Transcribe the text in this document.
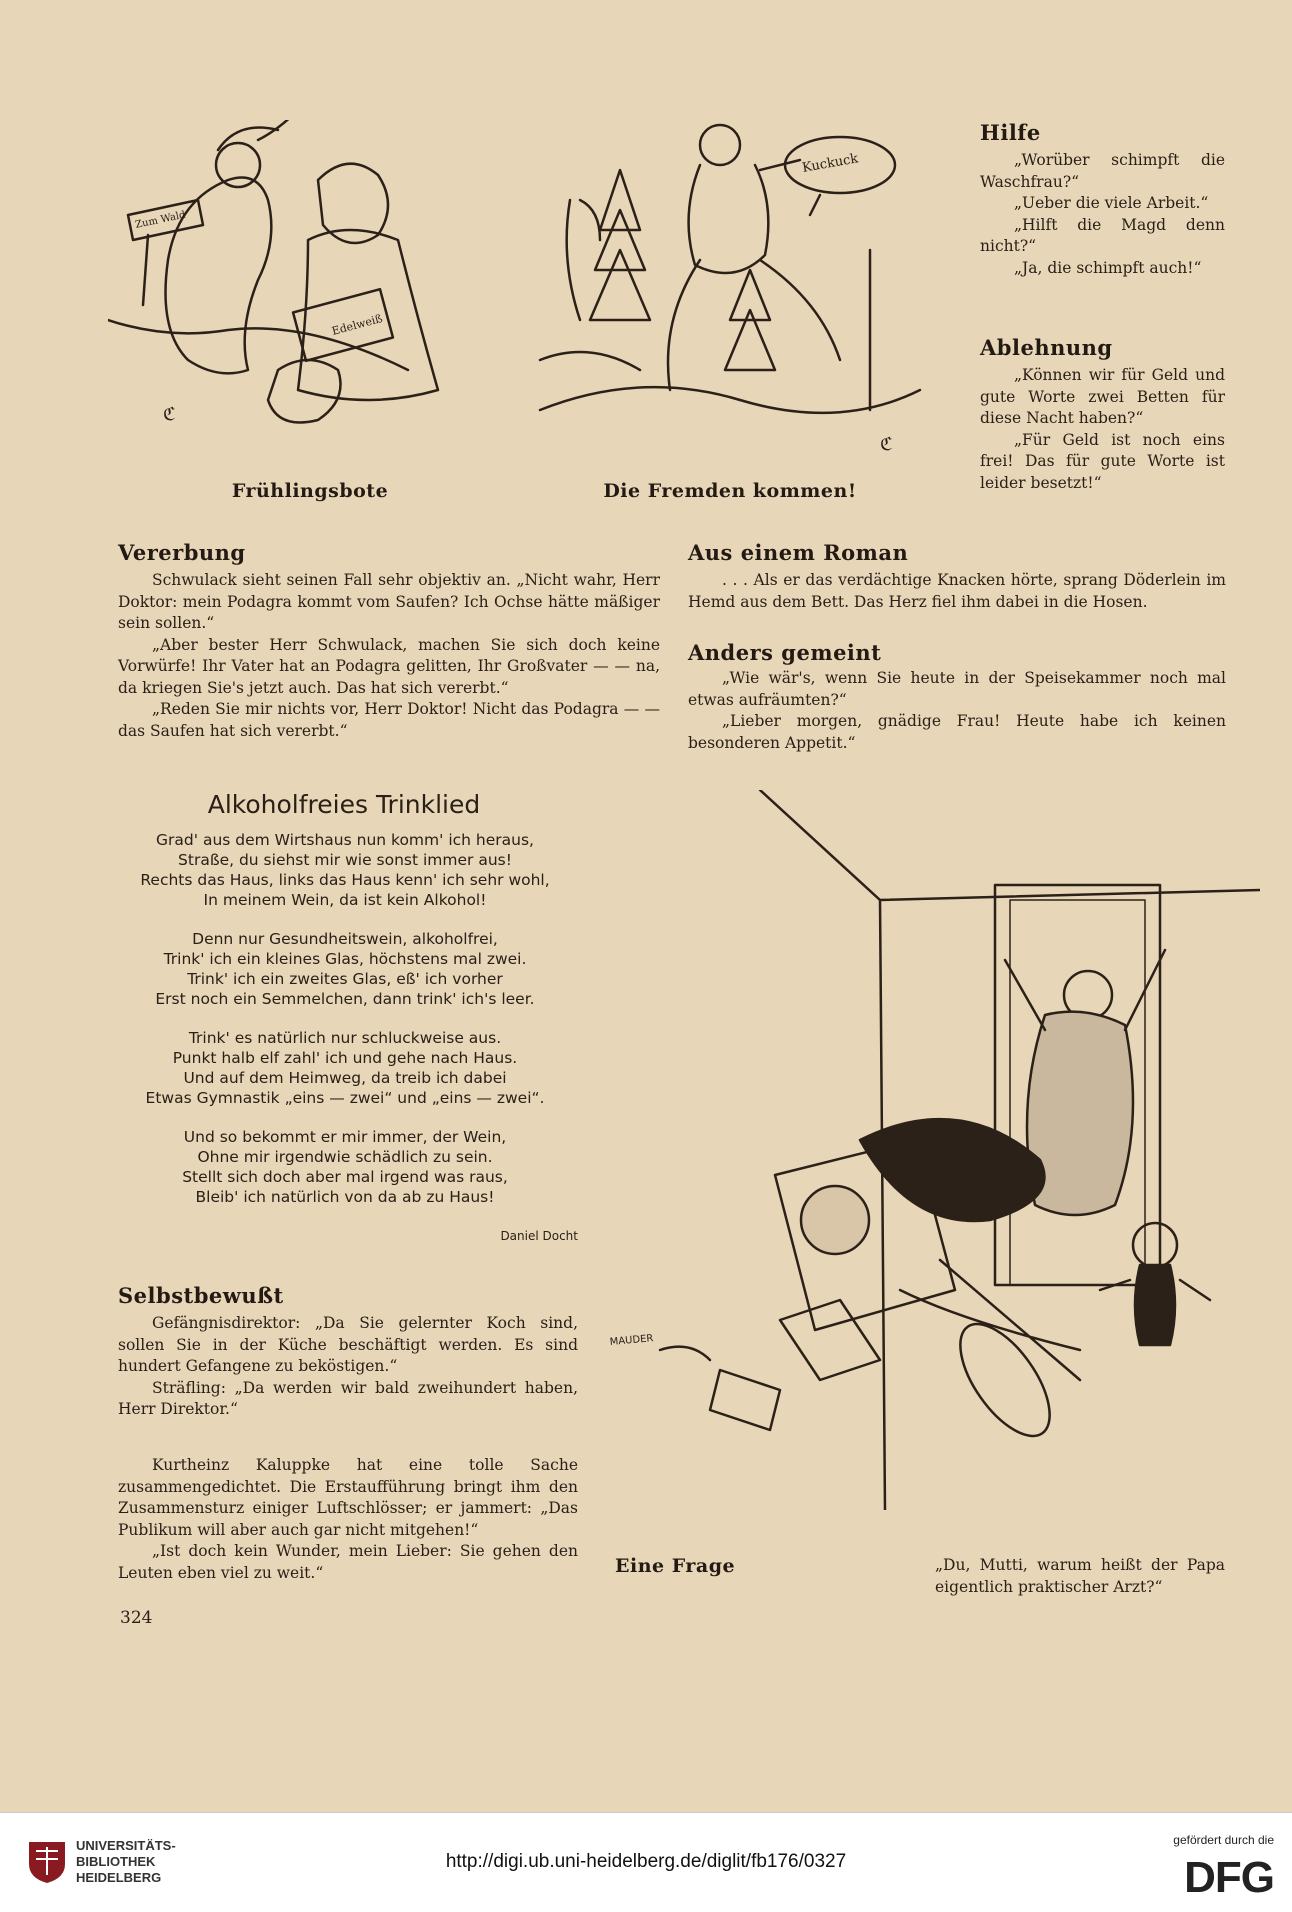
Zum Wald
Edelweiß
ℭ
Frühlingsbote
Kuckuck
ℭ
Die Fremden kommen!
Hilfe

„Worüber schimpft die Waschfrau?“

„Ueber die viele Arbeit.“

„Hilft die Magd denn nicht?“

„Ja, die schimpft auch!“

Ablehnung

„Können wir für Geld und gute Worte zwei Betten für diese Nacht haben?“

„Für Geld ist noch eins frei! Das für gute Worte ist leider besetzt!“

Vererbung

Schwulack sieht seinen Fall sehr objektiv an. „Nicht wahr, Herr Doktor: mein Podagra kommt vom Saufen? Ich Ochse hätte mäßiger sein sollen.“

„Aber bester Herr Schwulack, machen Sie sich doch keine Vorwürfe! Ihr Vater hat an Podagra gelitten, Ihr Großvater — — na, da kriegen Sie's jetzt auch. Das hat sich vererbt.“

„Reden Sie mir nichts vor, Herr Doktor! Nicht das Podagra — — das Saufen hat sich vererbt.“

Aus einem Roman

. . . Als er das verdächtige Knacken hörte, sprang Döderlein im Hemd aus dem Bett. Das Herz fiel ihm dabei in die Hosen.

Anders gemeint

„Wie wär's, wenn Sie heute in der Speisekammer noch mal etwas aufräumten?“

„Lieber morgen, gnädige Frau! Heute habe ich keinen besonderen Appetit.“

Alkoholfreies Trinklied
Grad' aus dem Wirtshaus nun komm' ich heraus,
Straße, du siehst mir wie sonst immer aus!
Rechts das Haus, links das Haus kenn' ich sehr wohl,
In meinem Wein, da ist kein Alkohol!
Denn nur Gesundheitswein, alkoholfrei,
Trink' ich ein kleines Glas, höchstens mal zwei.
Trink' ich ein zweites Glas, eß' ich vorher
Erst noch ein Semmelchen, dann trink' ich's leer.
Trink' es natürlich nur schluckweise aus.
Punkt halb elf zahl' ich und gehe nach Haus.
Und auf dem Heimweg, da treib ich dabei
Etwas Gymnastik „eins — zwei“ und „eins — zwei“.
Und so bekommt er mir immer, der Wein,
Ohne mir irgendwie schädlich zu sein.
Stellt sich doch aber mal irgend was raus,
Bleib' ich natürlich von da ab zu Haus!
Daniel Docht
Selbstbewußt

Gefängnisdirektor: „Da Sie gelernter Koch sind, sollen Sie in der Küche beschäftigt werden. Es sind hundert Gefangene zu beköstigen.“

Sträfling: „Da werden wir bald zweihundert haben, Herr Direktor.“

Kurtheinz Kaluppke hat eine tolle Sache zusammengedichtet. Die Erstaufführung bringt ihm den Zusammensturz einiger Luftschlösser; er jammert: „Das Publikum will aber auch gar nicht mitgehen!“

„Ist doch kein Wunder, mein Lieber: Sie gehen den Leuten eben viel zu weit.“

324
MAUDER
Eine Frage	„Du, Mutti, warum heißt der Papa eigentlich praktischer Arzt?“

UNIVERSITÄTS-
BIBLIOTHEK
HEIDELBERG
http://digi.ub.uni-heidelberg.de/diglit/fb176/0327
gefördert durch die
DFG
